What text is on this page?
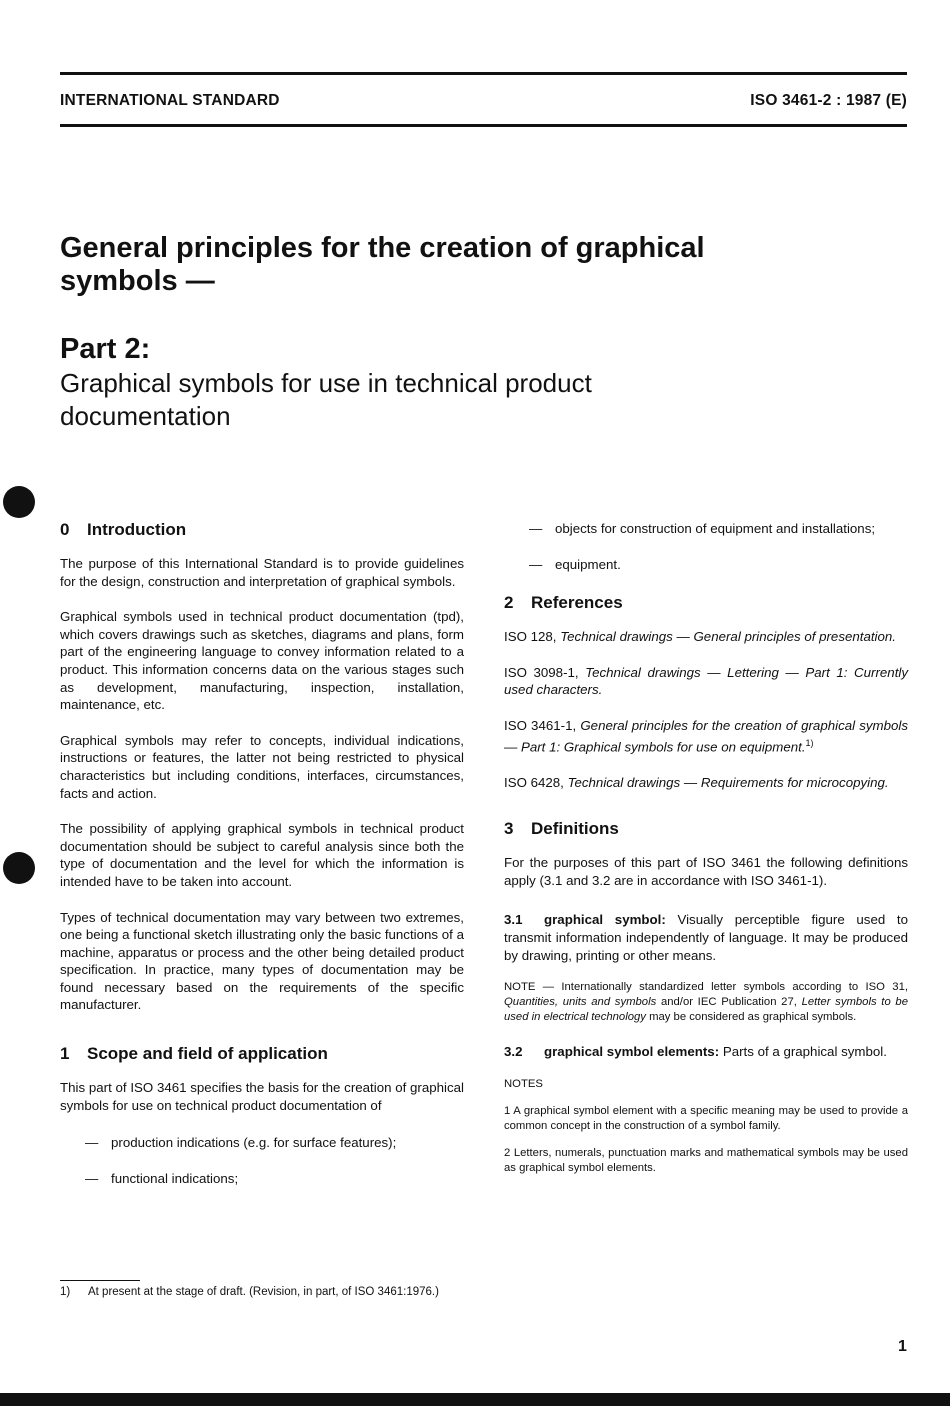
INTERNATIONAL STANDARD	ISO 3461-2 : 1987 (E)
General principles for the creation of graphical symbols —
Part 2:
Graphical symbols for use in technical product documentation
0 Introduction

The purpose of this International Standard is to provide guidelines for the design, construction and interpretation of graphical symbols.

Graphical symbols used in technical product documentation (tpd), which covers drawings such as sketches, diagrams and plans, form part of the engineering language to convey information related to a product. This information concerns data on the various stages such as development, manufacturing, inspection, installation, maintenance, etc.

Graphical symbols may refer to concepts, individual indications, instructions or features, the latter not being restricted to physical characteristics but including conditions, interfaces, circumstances, facts and action.

The possibility of applying graphical symbols in technical product documentation should be subject to careful analysis since both the type of documentation and the level for which the information is intended have to be taken into account.

Types of technical documentation may vary between two extremes, one being a functional sketch illustrating only the basic functions of a machine, apparatus or process and the other being detailed product specification. In practice, many types of documentation may be found necessary based on the requirements of the specific manufacturer.

1 Scope and field of application

This part of ISO 3461 specifies the basis for the creation of graphical symbols for use on technical product documentation of

— production indications (e.g. for surface features);
— functional indications;
— objects for construction of equipment and installations;
— equipment.
2 References

ISO 128, Technical drawings — General principles of presentation.

ISO 3098-1, Technical drawings — Lettering — Part 1: Currently used characters.

ISO 3461-1, General principles for the creation of graphical symbols — Part 1: Graphical symbols for use on equipment.$^{1)}$

ISO 6428, Technical drawings — Requirements for microcopying.

3 Definitions

For the purposes of this part of ISO 3461 the following definitions apply (3.1 and 3.2 are in accordance with ISO 3461-1).

3.1 graphical symbol: Visually perceptible figure used to transmit information independently of language. It may be produced by drawing, printing or other means.

NOTE — Internationally standardized letter symbols according to ISO 31, Quantities, units and symbols and/or IEC Publication 27, Letter symbols to be used in electrical technology may be considered as graphical symbols.

3.2 graphical symbol elements: Parts of a graphical symbol.

NOTES

1 A graphical symbol element with a specific meaning may be used to provide a common concept in the construction of a symbol family.

2 Letters, numerals, punctuation marks and mathematical symbols may be used as graphical symbol elements.

1) At present at the stage of draft. (Revision, in part, of ISO 3461:1976.)
1
